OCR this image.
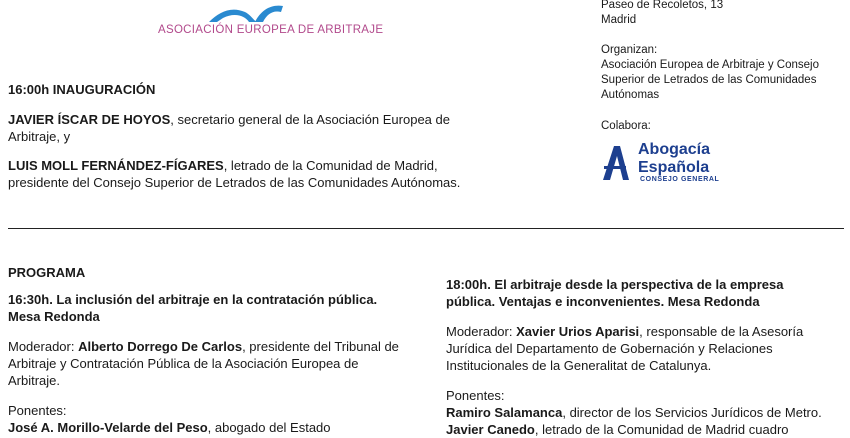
ASOCIACIÓN EUROPEA DE ARBITRAJE
Paseo de Recoletos, 13
Madrid
Organizan:
Asociación Europea de Arbitraje y Consejo
Superior de Letrados de las Comunidades
Autónomas
Colabora:
Abogacía
Española
CONSEJO GENERAL
16:00h INAUGURACIÓN
JAVIER ÍSCAR DE HOYOS, secretario general de la Asociación Europea de
Arbitraje, y
LUIS MOLL FERNÁNDEZ-FÍGARES, letrado de la Comunidad de Madrid,
presidente del Consejo Superior de Letrados de las Comunidades Autónomas.
PROGRAMA
16:30h. La inclusión del arbitraje en la contratación pública.
Mesa Redonda
Moderador: Alberto Dorrego De Carlos, presidente del Tribunal de
Arbitraje y Contratación Pública de la Asociación Europea de
Arbitraje.
Ponentes:
José A. Morillo-Velarde del Peso, abogado del Estado
18:00h. El arbitraje desde la perspectiva de la empresa
pública. Ventajas e inconvenientes. Mesa Redonda
Moderador: Xavier Urios Aparisi, responsable de la Asesoría
Jurídica del Departamento de Gobernación y Relaciones
Institucionales de la Generalitat de Catalunya.
Ponentes:
Ramiro Salamanca, director de los Servicios Jurídicos de Metro.
Javier Canedo, letrado de la Comunidad de Madrid cuadro
